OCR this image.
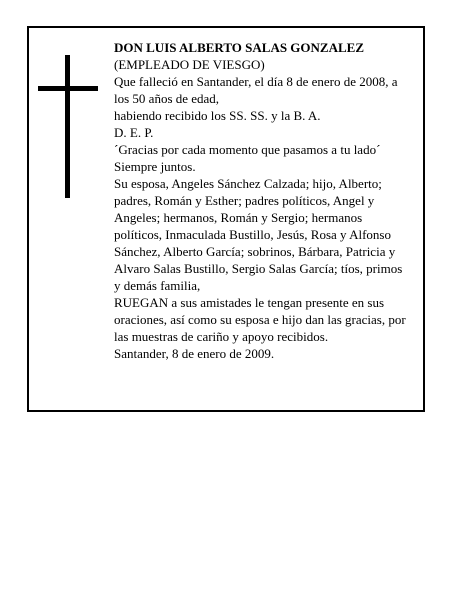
DON LUIS ALBERTO SALAS GONZALEZ
(EMPLEADO DE VIESGO)
Que falleció en Santander, el día 8 de enero de 2008, a
los 50 años de edad,
habiendo recibido los SS. SS. y la B. A.
D. E. P.
´Gracias por cada momento que pasamos a tu lado´
Siempre juntos.
Su esposa, Angeles Sánchez Calzada; hijo, Alberto;
padres, Román y Esther; padres políticos, Angel y
Angeles; hermanos, Román y Sergio; hermanos
políticos, Inmaculada Bustillo, Jesús, Rosa y Alfonso
Sánchez, Alberto García; sobrinos, Bárbara, Patricia y
Alvaro Salas Bustillo, Sergio Salas García; tíos, primos
y demás familia,
RUEGAN a sus amistades le tengan presente en sus
oraciones, así como su esposa e hijo dan las gracias, por
las muestras de cariño y apoyo recibidos.
Santander, 8 de enero de 2009.
